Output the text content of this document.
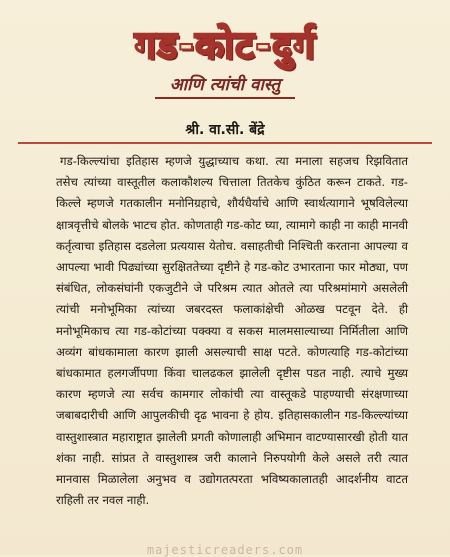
गड-कोट-दुर्ग
आणि त्यांची वास्तु
श्री. वा.सी. बेंद्रे
गड-किल्ल्यांचा इतिहास म्हणजे युद्धाच्याच कथा. त्या मनाला सहजच रिझवितात तसेच त्यांच्या वास्तूतील कलाकौशल्य चित्ताला तितकेच कुंठित करून टाकते. गड-किल्ले म्हणजे गतकालीन मनोनिग्रहाचे, शौर्यधैर्याचे आणि स्वार्थत्यागाने भूषविलेल्या क्षात्रवृत्तीचे बोलके भाटच होत. कोणताही गड-कोट घ्या, त्यामागे काही ना काही मानवी कर्तृत्वाचा इतिहास दडलेला प्रत्ययास येतोच. वसाहतीची निश्चिती करताना आपल्या व आपल्या भावी पिढ्यांच्या सुरक्षिततेच्या दृष्टीने हे गड-कोट उभारताना फार मोठ्या, पण संबंधित, लोकसंघांनी एकजुटीने जे परिश्रम त्यात ओतले त्या परिश्रमांमागे असलेली त्यांची मनोभूमिका त्यांच्या जबरदस्त फलाकांक्षेची ओळख पटवून देते. ही मनोभूमिकाच त्या गड-कोटांच्या पक्क्या व सकस मालमसाल्याच्या निर्मितीला आणि अव्यंग बांधकामाला कारण झाली असल्याची साक्ष पटते. कोणत्याहि गड-कोटांच्या बांधकामात हलगर्जीपणा किंवा चालढकल झालेली दृष्टीस पडत नाही. त्याचे मुख्य कारण म्हणजे त्या सर्वच कामगार लोकांची त्या वास्तूकडे पाहण्याची संरक्षणाच्या जबाबदारीची आणि आपुलकीची दृढ भावना हे होय. इतिहासकालीन गड-किल्ल्यांच्या वास्तुशास्त्रात महाराष्ट्रात झालेली प्रगती कोणालाही अभिमान वाटण्यासारखी होती यात शंका नाही. सांप्रत ते वास्तुशास्त्र जरी कालाने निरुपयोगी केले असले तरी त्यात मानवास मिळालेला अनुभव व उद्योगतत्परता भविष्यकालातही आदर्शनीय वाटत राहिली तर नवल नाही.
majesticreaders.com
